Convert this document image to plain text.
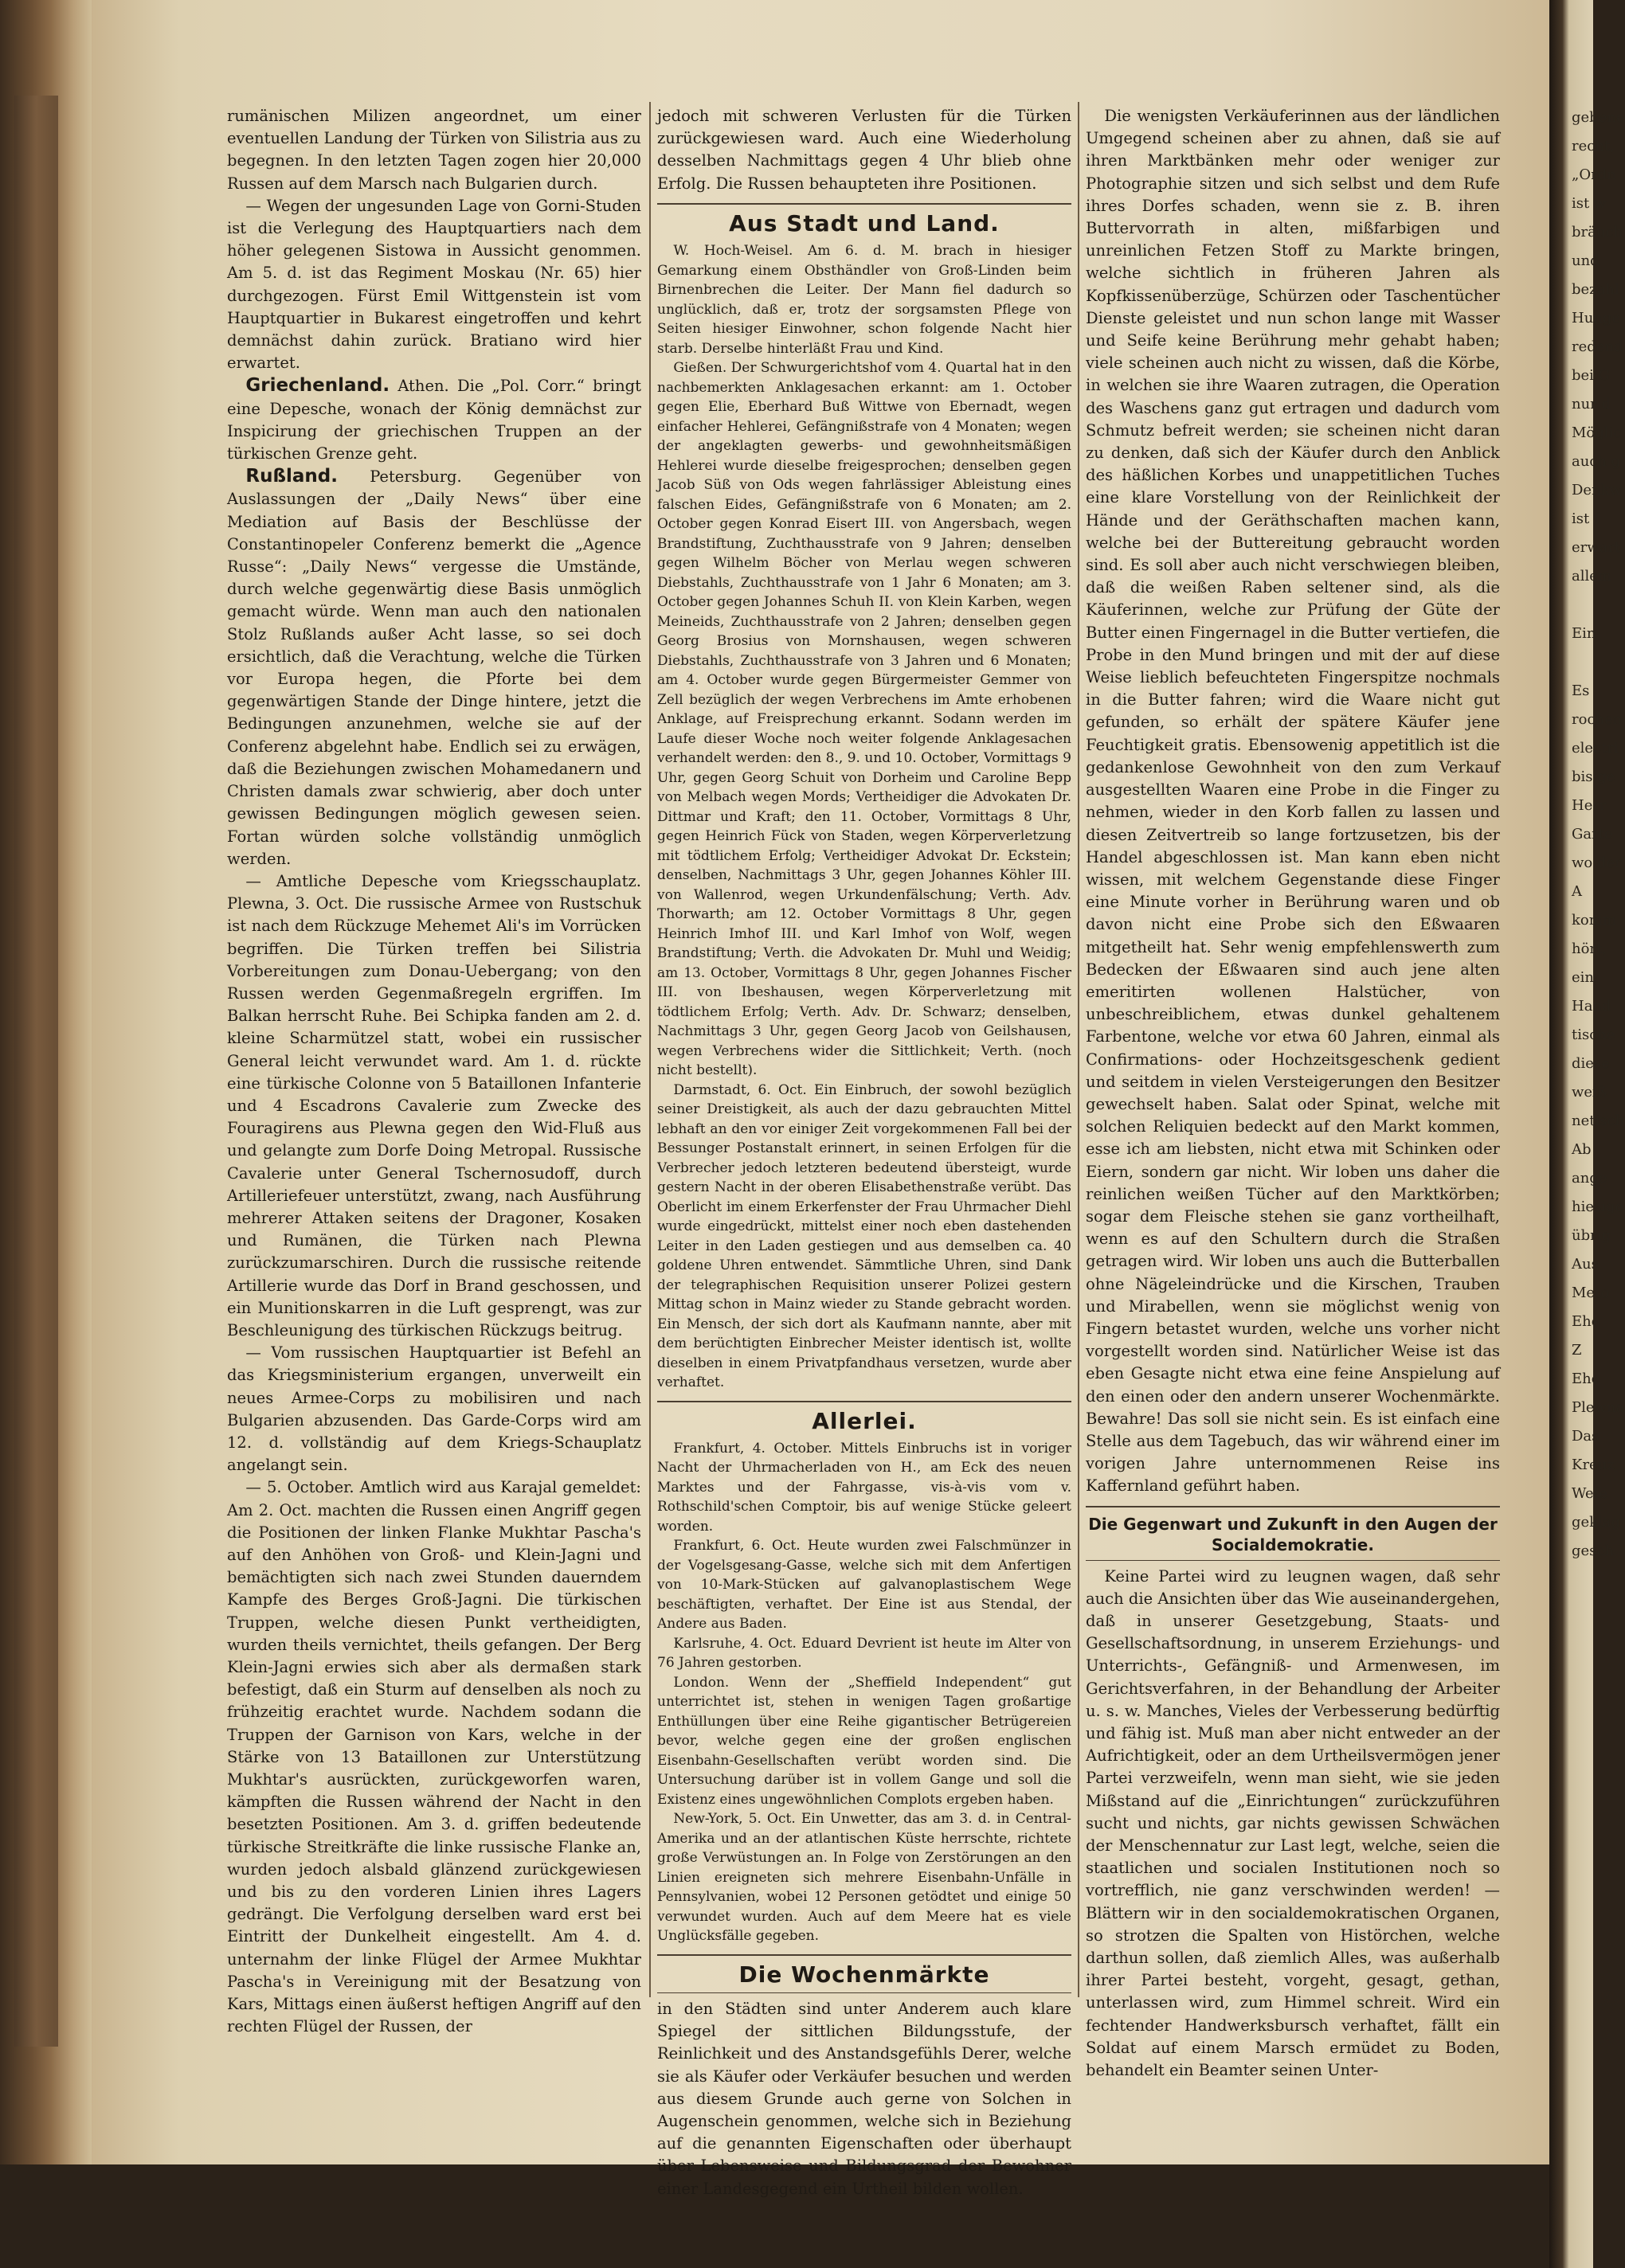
gebene
recht,
„Ordn
ist w
bräuch
und
bezahl
Hunge
redend
bei G
nur d
Möglic
auch g
Denkw
ist f
erwart
allem

Ein

Es
rochen
electri
bis ge
Herr
Garte
wo der
A
komm
hört,
ein
Hand
tische
diese
weiß
netisch
Ab
ange
hiesige
übrig
Aus
Meto
Ehe
Z
Ehe
Plewna
Das
Kreuz
Wefe
geklag
gesch

rumänischen Milizen angeordnet, um einer eventuellen Landung der Türken von Silistria aus zu begegnen. In den letzten Tagen zogen hier 20,000 Russen auf dem Marsch nach Bulgarien durch.

— Wegen der ungesunden Lage von Gorni-Studen ist die Verlegung des Hauptquartiers nach dem höher gelegenen Sistowa in Aussicht genommen. Am 5. d. ist das Regiment Moskau (Nr. 65) hier durchgezogen. Fürst Emil Wittgenstein ist vom Hauptquartier in Bukarest eingetroffen und kehrt demnächst dahin zurück. Bratiano wird hier erwartet.

Griechenland. Athen. Die „Pol. Corr.“ bringt eine Depesche, wonach der König demnächst zur Inspicirung der griechischen Truppen an der türkischen Grenze geht.

Rußland. Petersburg. Gegenüber von Auslassungen der „Daily News“ über eine Mediation auf Basis der Beschlüsse der Constantinopeler Conferenz bemerkt die „Agence Russe“: „Daily News“ vergesse die Umstände, durch welche gegenwärtig diese Basis unmöglich gemacht würde. Wenn man auch den nationalen Stolz Rußlands außer Acht lasse, so sei doch ersichtlich, daß die Verachtung, welche die Türken vor Europa hegen, die Pforte bei dem gegenwärtigen Stande der Dinge hintere, jetzt die Bedingungen anzunehmen, welche sie auf der Conferenz abgelehnt habe. Endlich sei zu erwägen, daß die Beziehungen zwischen Mohamedanern und Christen damals zwar schwierig, aber doch unter gewissen Bedingungen möglich gewesen seien. Fortan würden solche vollständig unmöglich werden.

— Amtliche Depesche vom Kriegsschauplatz. Plewna, 3. Oct. Die russische Armee von Rustschuk ist nach dem Rückzuge Mehemet Ali's im Vorrücken begriffen. Die Türken treffen bei Silistria Vorbereitungen zum Donau-Uebergang; von den Russen werden Gegenmaßregeln ergriffen. Im Balkan herrscht Ruhe. Bei Schipka fanden am 2. d. kleine Scharmützel statt, wobei ein russischer General leicht verwundet ward. Am 1. d. rückte eine türkische Colonne von 5 Bataillonen Infanterie und 4 Escadrons Cavalerie zum Zwecke des Fouragirens aus Plewna gegen den Wid-Fluß aus und gelangte zum Dorfe Doing Metropal. Russische Cavalerie unter General Tschernosudoff, durch Artilleriefeuer unterstützt, zwang, nach Ausführung mehrerer Attaken seitens der Dragoner, Kosaken und Rumänen, die Türken nach Plewna zurückzumarschiren. Durch die russische reitende Artillerie wurde das Dorf in Brand geschossen, und ein Munitionskarren in die Luft gesprengt, was zur Beschleunigung des türkischen Rückzugs beitrug.

— Vom russischen Hauptquartier ist Befehl an das Kriegsministerium ergangen, unverweilt ein neues Armee-Corps zu mobilisiren und nach Bulgarien abzusenden. Das Garde-Corps wird am 12. d. vollständig auf dem Kriegs-Schauplatz angelangt sein.

— 5. October. Amtlich wird aus Karajal gemeldet: Am 2. Oct. machten die Russen einen Angriff gegen die Positionen der linken Flanke Mukhtar Pascha's auf den Anhöhen von Groß- und Klein-Jagni und bemächtigten sich nach zwei Stunden dauerndem Kampfe des Berges Groß-Jagni. Die türkischen Truppen, welche diesen Punkt vertheidigten, wurden theils vernichtet, theils gefangen. Der Berg Klein-Jagni erwies sich aber als dermaßen stark befestigt, daß ein Sturm auf denselben als noch zu frühzeitig erachtet wurde. Nachdem sodann die Truppen der Garnison von Kars, welche in der Stärke von 13 Bataillonen zur Unterstützung Mukhtar's ausrückten, zurückgeworfen waren, kämpften die Russen während der Nacht in den besetzten Positionen. Am 3. d. griffen bedeutende türkische Streitkräfte die linke russische Flanke an, wurden jedoch alsbald glänzend zurückgewiesen und bis zu den vorderen Linien ihres Lagers gedrängt. Die Verfolgung derselben ward erst bei Eintritt der Dunkelheit eingestellt. Am 4. d. unternahm der linke Flügel der Armee Mukhtar Pascha's in Vereinigung mit der Besatzung von Kars, Mittags einen äußerst heftigen Angriff auf den rechten Flügel der Russen, der

jedoch mit schweren Verlusten für die Türken zurückgewiesen ward. Auch eine Wiederholung desselben Nachmittags gegen 4 Uhr blieb ohne Erfolg. Die Russen behaupteten ihre Positionen.

Aus Stadt und Land.

W. Hoch-Weisel. Am 6. d. M. brach in hiesiger Gemarkung einem Obsthändler von Groß-Linden beim Birnenbrechen die Leiter. Der Mann fiel dadurch so unglücklich, daß er, trotz der sorgsamsten Pflege von Seiten hiesiger Einwohner, schon folgende Nacht hier starb. Derselbe hinterläßt Frau und Kind.

Gießen. Der Schwurgerichtshof vom 4. Quartal hat in den nachbemerkten Anklagesachen erkannt: am 1. October gegen Elie, Eberhard Buß Wittwe von Ebernadt, wegen einfacher Hehlerei, Gefängnißstrafe von 4 Monaten; wegen der angeklagten gewerbs- und gewohnheitsmäßigen Hehlerei wurde dieselbe freigesprochen; denselben gegen Jacob Süß von Ods wegen fahrlässiger Ableistung eines falschen Eides, Gefängnißstrafe von 6 Monaten; am 2. October gegen Konrad Eisert III. von Angersbach, wegen Brandstiftung, Zuchthausstrafe von 9 Jahren; denselben gegen Wilhelm Böcher von Merlau wegen schweren Diebstahls, Zuchthausstrafe von 1 Jahr 6 Monaten; am 3. October gegen Johannes Schuh II. von Klein Karben, wegen Meineids, Zuchthausstrafe von 2 Jahren; denselben gegen Georg Brosius von Mornshausen, wegen schweren Diebstahls, Zuchthausstrafe von 3 Jahren und 6 Monaten; am 4. October wurde gegen Bürgermeister Gemmer von Zell bezüglich der wegen Verbrechens im Amte erhobenen Anklage, auf Freisprechung erkannt. Sodann werden im Laufe dieser Woche noch weiter folgende Anklagesachen verhandelt werden: den 8., 9. und 10. October, Vormittags 9 Uhr, gegen Georg Schuit von Dorheim und Caroline Bepp von Melbach wegen Mords; Vertheidiger die Advokaten Dr. Dittmar und Kraft; den 11. October, Vormittags 8 Uhr, gegen Heinrich Fück von Staden, wegen Körperverletzung mit tödtlichem Erfolg; Vertheidiger Advokat Dr. Eckstein; denselben, Nachmittags 3 Uhr, gegen Johannes Köhler III. von Wallenrod, wegen Urkundenfälschung; Verth. Adv. Thorwarth; am 12. October Vormittags 8 Uhr, gegen Heinrich Imhof III. und Karl Imhof von Wolf, wegen Brandstiftung; Verth. die Advokaten Dr. Muhl und Weidig; am 13. October, Vormittags 8 Uhr, gegen Johannes Fischer III. von Ibeshausen, wegen Körperverletzung mit tödtlichem Erfolg; Verth. Adv. Dr. Schwarz; denselben, Nachmittags 3 Uhr, gegen Georg Jacob von Geilshausen, wegen Verbrechens wider die Sittlichkeit; Verth. (noch nicht bestellt).

Darmstadt, 6. Oct. Ein Einbruch, der sowohl bezüglich seiner Dreistigkeit, als auch der dazu gebrauchten Mittel lebhaft an den vor einiger Zeit vorgekommenen Fall bei der Bessunger Postanstalt erinnert, in seinen Erfolgen für die Verbrecher jedoch letzteren bedeutend übersteigt, wurde gestern Nacht in der oberen Elisabethenstraße verübt. Das Oberlicht im einem Erkerfenster der Frau Uhrmacher Diehl wurde eingedrückt, mittelst einer noch eben dastehenden Leiter in den Laden gestiegen und aus demselben ca. 40 goldene Uhren entwendet. Sämmtliche Uhren, sind Dank der telegraphischen Requisition unserer Polizei gestern Mittag schon in Mainz wieder zu Stande gebracht worden. Ein Mensch, der sich dort als Kaufmann nannte, aber mit dem berüchtigten Einbrecher Meister identisch ist, wollte dieselben in einem Privatpfandhaus versetzen, wurde aber verhaftet.

Allerlei.

Frankfurt, 4. October. Mittels Einbruchs ist in voriger Nacht der Uhrmacherladen von H., am Eck des neuen Marktes und der Fahrgasse, vis-à-vis vom v. Rothschild'schen Comptoir, bis auf wenige Stücke geleert worden.

Frankfurt, 6. Oct. Heute wurden zwei Falschmünzer in der Vogelsgesang-Gasse, welche sich mit dem Anfertigen von 10-Mark-Stücken auf galvanoplastischem Wege beschäftigten, verhaftet. Der Eine ist aus Stendal, der Andere aus Baden.

Karlsruhe, 4. Oct. Eduard Devrient ist heute im Alter von 76 Jahren gestorben.

London. Wenn der „Sheffield Independent“ gut unterrichtet ist, stehen in wenigen Tagen großartige Enthüllungen über eine Reihe gigantischer Betrügereien bevor, welche gegen eine der großen englischen Eisenbahn-Gesellschaften verübt worden sind. Die Untersuchung darüber ist in vollem Gange und soll die Existenz eines ungewöhnlichen Complots ergeben haben.

New-York, 5. Oct. Ein Unwetter, das am 3. d. in Central-Amerika und an der atlantischen Küste herrschte, richtete große Verwüstungen an. In Folge von Zerstörungen an den Linien ereigneten sich mehrere Eisenbahn-Unfälle in Pennsylvanien, wobei 12 Personen getödtet und einige 50 verwundet wurden. Auch auf dem Meere hat es viele Unglücksfälle gegeben.

Die Wochenmärkte

in den Städten sind unter Anderem auch klare Spiegel der sittlichen Bildungsstufe, der Reinlichkeit und des Anstandsgefühls Derer, welche sie als Käufer oder Verkäufer besuchen und werden aus diesem Grunde auch gerne von Solchen in Augenschein genommen, welche sich in Beziehung auf die genannten Eigenschaften oder überhaupt über Lebensweise und Bildungsgrad der Bewohner einer Landesgegend ein Urtheil bilden wollen.

Die wenigsten Verkäuferinnen aus der ländlichen Umgegend scheinen aber zu ahnen, daß sie auf ihren Marktbänken mehr oder weniger zur Photographie sitzen und sich selbst und dem Rufe ihres Dorfes schaden, wenn sie z. B. ihren Buttervorrath in alten, mißfarbigen und unreinlichen Fetzen Stoff zu Markte bringen, welche sichtlich in früheren Jahren als Kopfkissenüberzüge, Schürzen oder Taschentücher Dienste geleistet und nun schon lange mit Wasser und Seife keine Berührung mehr gehabt haben; viele scheinen auch nicht zu wissen, daß die Körbe, in welchen sie ihre Waaren zutragen, die Operation des Waschens ganz gut ertragen und dadurch vom Schmutz befreit werden; sie scheinen nicht daran zu denken, daß sich der Käufer durch den Anblick des häßlichen Korbes und unappetitlichen Tuches eine klare Vorstellung von der Reinlichkeit der Hände und der Geräthschaften machen kann, welche bei der Buttereitung gebraucht worden sind. Es soll aber auch nicht verschwiegen bleiben, daß die weißen Raben seltener sind, als die Käuferinnen, welche zur Prüfung der Güte der Butter einen Fingernagel in die Butter vertiefen, die Probe in den Mund bringen und mit der auf diese Weise lieblich befeuchteten Fingerspitze nochmals in die Butter fahren; wird die Waare nicht gut gefunden, so erhält der spätere Käufer jene Feuchtigkeit gratis. Ebensowenig appetitlich ist die gedankenlose Gewohnheit von den zum Verkauf ausgestellten Waaren eine Probe in die Finger zu nehmen, wieder in den Korb fallen zu lassen und diesen Zeitvertreib so lange fortzusetzen, bis der Handel abgeschlossen ist. Man kann eben nicht wissen, mit welchem Gegenstande diese Finger eine Minute vorher in Berührung waren und ob davon nicht eine Probe sich den Eßwaaren mitgetheilt hat. Sehr wenig empfehlenswerth zum Bedecken der Eßwaaren sind auch jene alten emeritirten wollenen Halstücher, von unbeschreiblichem, etwas dunkel gehaltenem Farbentone, welche vor etwa 60 Jahren, einmal als Confirmations- oder Hochzeitsgeschenk gedient und seitdem in vielen Versteigerungen den Besitzer gewechselt haben. Salat oder Spinat, welche mit solchen Reliquien bedeckt auf den Markt kommen, esse ich am liebsten, nicht etwa mit Schinken oder Eiern, sondern gar nicht. Wir loben uns daher die reinlichen weißen Tücher auf den Marktkörben; sogar dem Fleische stehen sie ganz vortheilhaft, wenn es auf den Schultern durch die Straßen getragen wird. Wir loben uns auch die Butterballen ohne Nägeleindrücke und die Kirschen, Trauben und Mirabellen, wenn sie möglichst wenig von Fingern betastet wurden, welche uns vorher nicht vorgestellt worden sind. Natürlicher Weise ist das eben Gesagte nicht etwa eine feine Anspielung auf den einen oder den andern unserer Wochenmärkte. Bewahre! Das soll sie nicht sein. Es ist einfach eine Stelle aus dem Tagebuch, das wir während einer im vorigen Jahre unternommenen Reise ins Kaffernland geführt haben.

Die Gegenwart und Zukunft in den Augen der Socialdemokratie.

Keine Partei wird zu leugnen wagen, daß sehr auch die Ansichten über das Wie auseinandergehen, daß in unserer Gesetzgebung, Staats- und Gesellschaftsordnung, in unserem Erziehungs- und Unterrichts-, Gefängniß- und Armenwesen, im Gerichtsverfahren, in der Behandlung der Arbeiter u. s. w. Manches, Vieles der Verbesserung bedürftig und fähig ist. Muß man aber nicht entweder an der Aufrichtigkeit, oder an dem Urtheilsvermögen jener Partei verzweifeln, wenn man sieht, wie sie jeden Mißstand auf die „Einrichtungen“ zurückzuführen sucht und nichts, gar nichts gewissen Schwächen der Menschennatur zur Last legt, welche, seien die staatlichen und socialen Institutionen noch so vortrefflich, nie ganz verschwinden werden! — Blättern wir in den socialdemokratischen Organen, so strotzen die Spalten von Histörchen, welche darthun sollen, daß ziemlich Alles, was außerhalb ihrer Partei besteht, vorgeht, gesagt, gethan, unterlassen wird, zum Himmel schreit. Wird ein fechtender Handwerksbursch verhaftet, fällt ein Soldat auf einem Marsch ermüdet zu Boden, behandelt ein Beamter seinen Unter-
